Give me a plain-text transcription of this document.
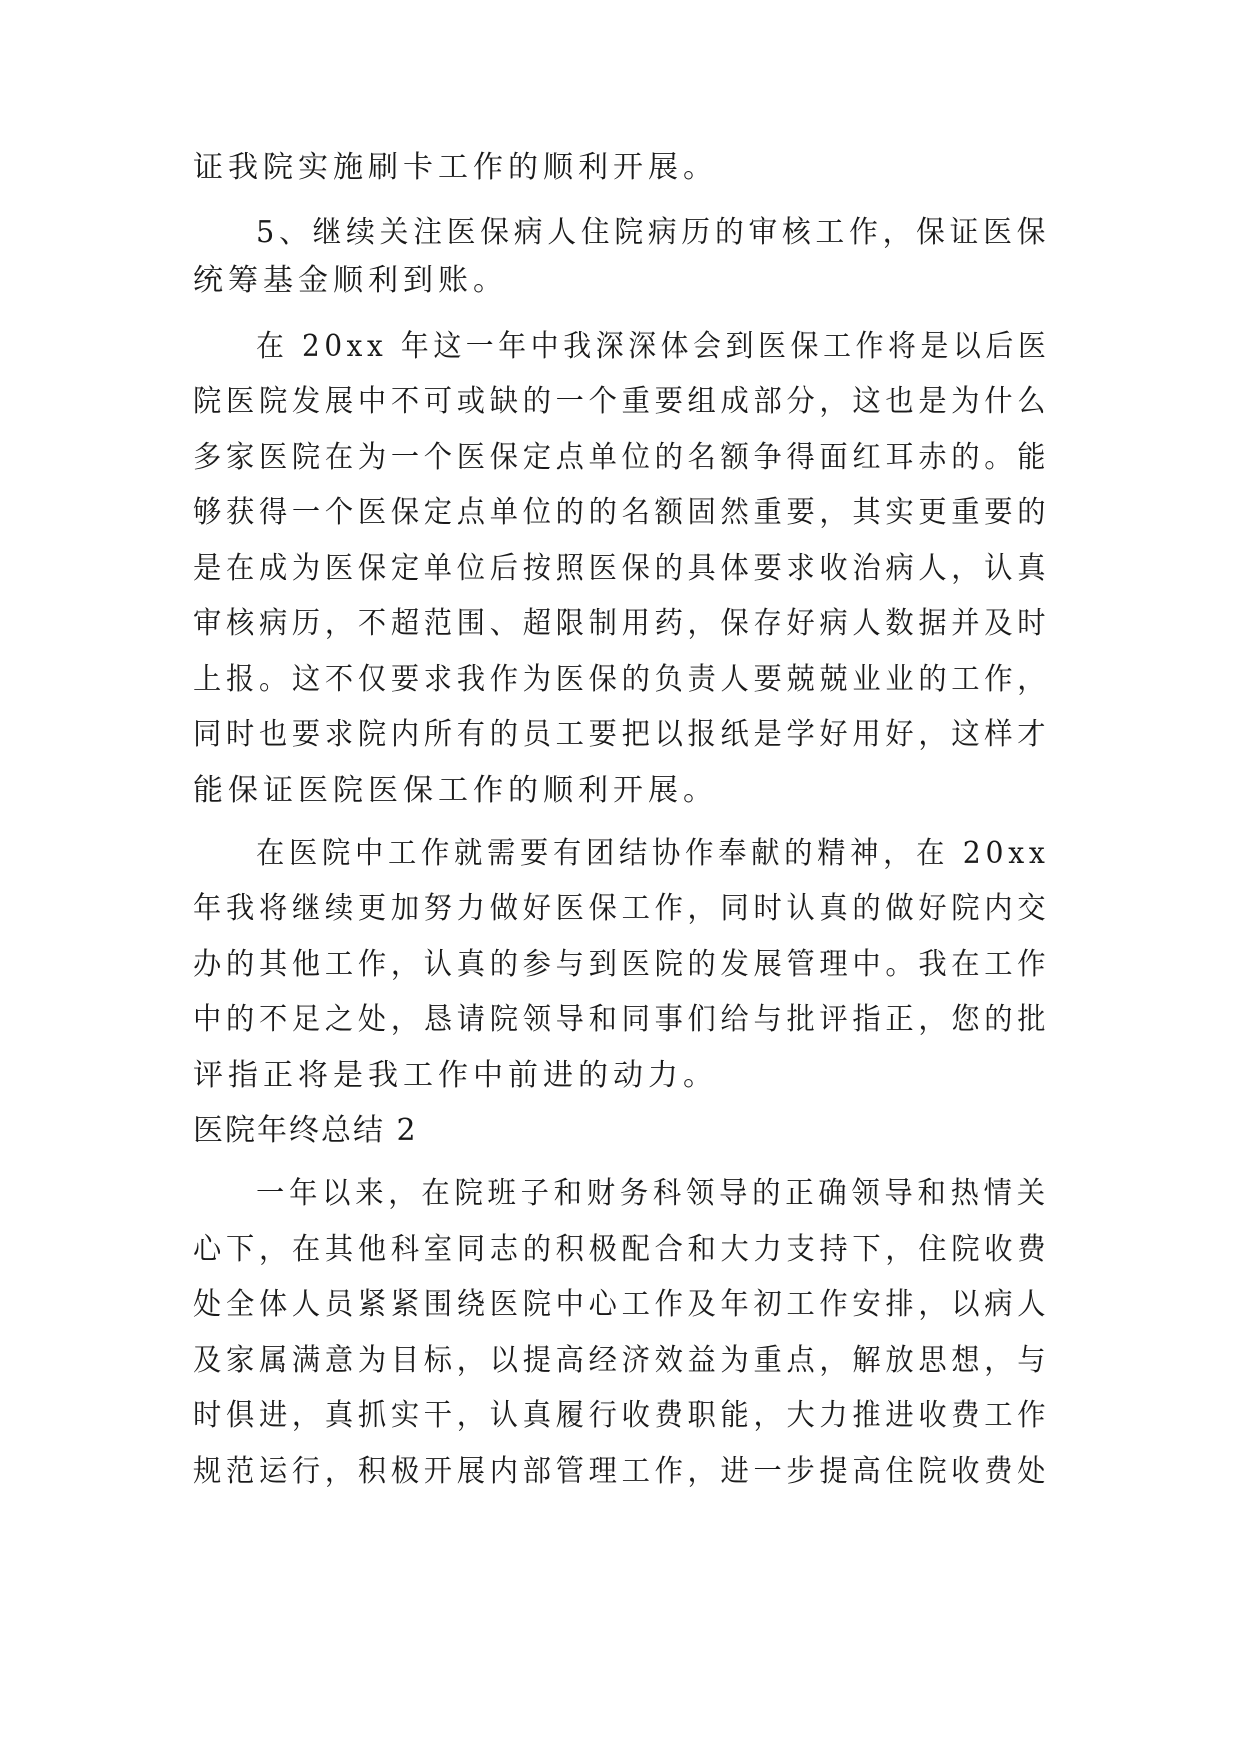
证我院实施刷卡工作的顺利开展。
5、继续关注医保病人住院病历的审核工作，保证医保
统筹基金顺利到账。
在 20xx 年这一年中我深深体会到医保工作将是以后医
院医院发展中不可或缺的一个重要组成部分，这也是为什么
多家医院在为一个医保定点单位的名额争得面红耳赤的。能
够获得一个医保定点单位的的名额固然重要，其实更重要的
是在成为医保定单位后按照医保的具体要求收治病人，认真
审核病历，不超范围、超限制用药，保存好病人数据并及时
上报。这不仅要求我作为医保的负责人要兢兢业业的工作，
同时也要求院内所有的员工要把以报纸是学好用好，这样才
能保证医院医保工作的顺利开展。
在医院中工作就需要有团结协作奉献的精神，在 20xx
年我将继续更加努力做好医保工作，同时认真的做好院内交
办的其他工作，认真的参与到医院的发展管理中。我在工作
中的不足之处，恳请院领导和同事们给与批评指正，您的批
评指正将是我工作中前进的动力。
医院年终总结 2
一年以来，在院班子和财务科领导的正确领导和热情关
心下，在其他科室同志的积极配合和大力支持下，住院收费
处全体人员紧紧围绕医院中心工作及年初工作安排，以病人
及家属满意为目标，以提高经济效益为重点，解放思想，与
时俱进，真抓实干，认真履行收费职能，大力推进收费工作
规范运行，积极开展内部管理工作，进一步提高住院收费处
